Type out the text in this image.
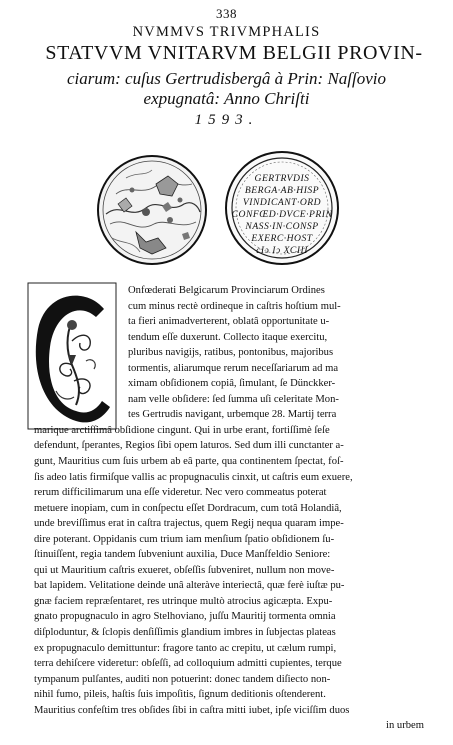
338
NVMMVS TRIVMPHALIS
STATVVM VNITARVM BELGII PROVIN-
ciarum: cuſus Gertrudisbergâ à Prin: Naſſovio
expugnatâ: Anno Chriſti
1593.
GERTRVDIS
BERGA·AB·HISP
VINDICANT·ORD
CONFŒD·DVCE·PRIN
NASS·IN·CONSP
EXERC·HOST
cIↄ Iↄ XCIII
Onfœderati Belgicarum Provinciarum Ordines
cum minus rectè ordineque in caſtris hoſtium mul-
ta fieri animadverterent, oblatâ opportunitate u-
tendum eſſe duxerunt. Collecto itaque exercitu,
pluribus navigijs, ratibus, pontonibus, majoribus
tormentis, aliarumque rerum neceſſariarum ad ma
ximam obſidionem copiâ, ſimulant, ſe Dünckker-
nam velle obſidere: ſed ſumma uſi celeritate Mon-
tes Gertrudis navigant, urbemque 28. Martij terra
marique arctiſſimâ obſidione cingunt. Qui in urbe erant, fortiſſimè ſeſe
defendunt, ſperantes, Regios ſibi opem laturos. Sed dum illi cunctanter a-
gunt, Mauritius cum ſuis urbem ab eâ parte, qua continentem ſpectat, foſ-
ſis adeo latis firmiſque vallis ac propugnaculis cinxit, ut caſtris eum exuere,
rerum difficilimarum una eſſe videretur. Nec vero commeatus poterat
metuere inopiam, cum in conſpectu eſſet Dordracum, cum totâ Holandiâ,
unde breviſſimus erat in caſtra trajectus, quem Regij nequa quaram impe-
dire poterant. Oppidanis cum trium iam menſium ſpatio obſidionem ſu-
ſtinuiſſent, regia tandem ſubveniunt auxilia, Duce Manſfeldio Seniore:
qui ut Mauritium caſtris exueret, obſeſſis ſubveniret, nullum non move-
bat lapidem. Velitatione deinde unâ alteràve interiectâ, quæ ferè iuſtæ pu-
gnæ faciem repræſentaret, res utrinque multò atrocius agicæpta. Expu-
gnato propugnaculo in agro Stelhoviano, juſſu Mauritij tormenta omnia
diſploduntur, & ſclopis denſiſſimis glandium imbres in ſubjectas plateas
ex propugnaculo demittuntur: fragore tanto ac crepitu, ut cælum rumpi,
terra dehiſcere videretur: obſeſſi, ad colloquium admitti cupientes, terque
tympanum pulſantes, auditi non potuerint: donec tandem diſiecto non-
nihil fumo, pileis, haſtis ſuis impoſitis, ſignum deditionis oſtenderent.
Mauritius confeſtim tres obſides ſibi in caſtra mitti iubet, ipſe viciſſim duos
in urbem
